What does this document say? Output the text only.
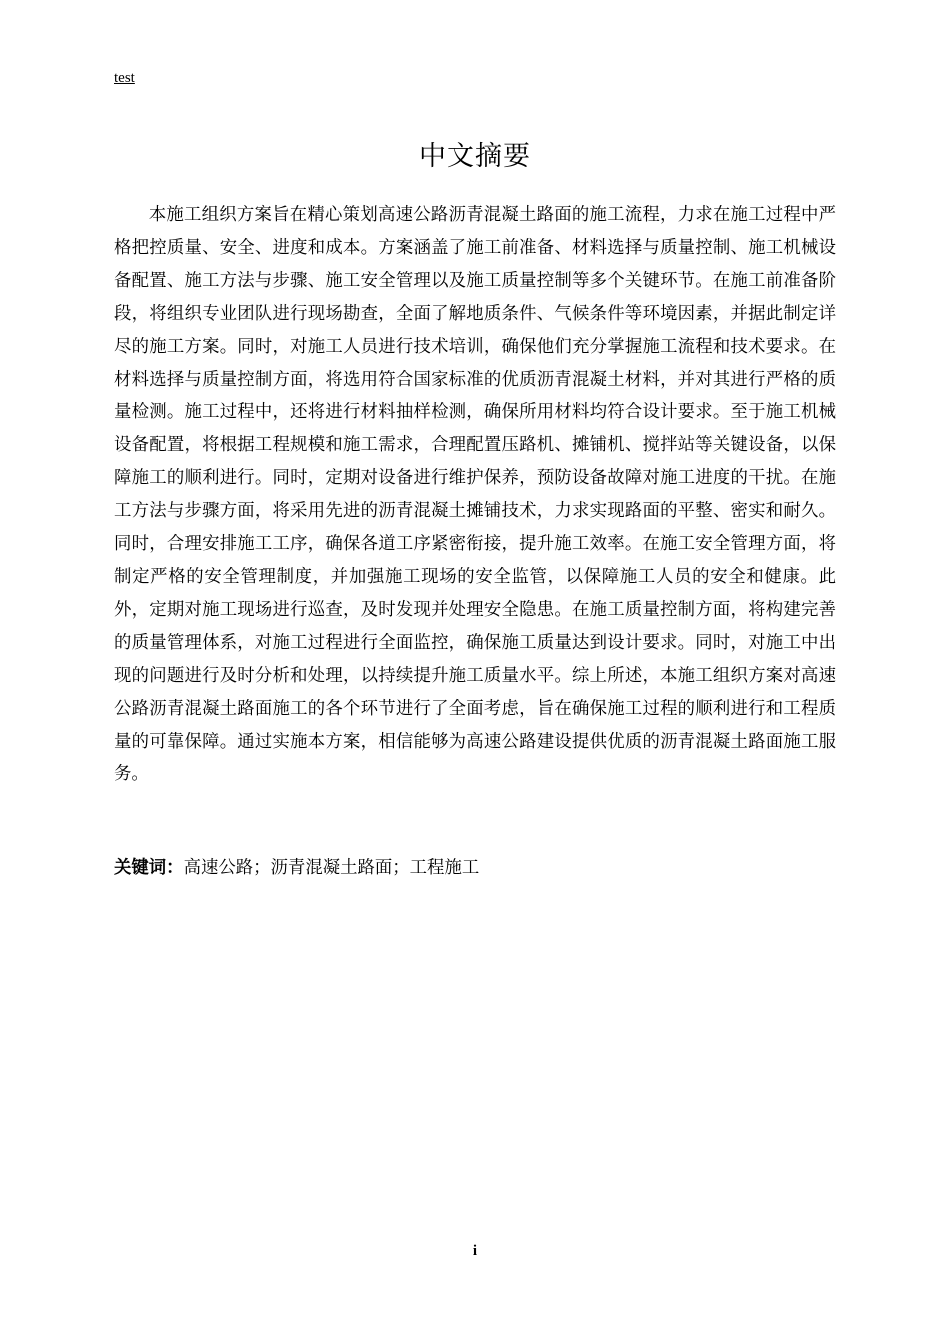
test
中文摘要

本施工组织方案旨在精心策划高速公路沥青混凝土路面的施工流程，力求在施工过程中严格把控质量、安全、进度和成本。方案涵盖了施工前准备、材料选择与质量控制、施工机械设备配置、施工方法与步骤、施工安全管理以及施工质量控制等多个关键环节。在施工前准备阶段，将组织专业团队进行现场勘查，全面了解地质条件、气候条件等环境因素，并据此制定详尽的施工方案。同时，对施工人员进行技术培训，确保他们充分掌握施工流程和技术要求。在材料选择与质量控制方面，将选用符合国家标准的优质沥青混凝土材料，并对其进行严格的质量检测。施工过程中，还将进行材料抽样检测，确保所用材料均符合设计要求。至于施工机械设备配置，将根据工程规模和施工需求，合理配置压路机、摊铺机、搅拌站等关键设备，以保障施工的顺利进行。同时，定期对设备进行维护保养，预防设备故障对施工进度的干扰。在施工方法与步骤方面，将采用先进的沥青混凝土摊铺技术，力求实现路面的平整、密实和耐久。同时，合理安排施工工序，确保各道工序紧密衔接，提升施工效率。在施工安全管理方面，将制定严格的安全管理制度，并加强施工现场的安全监管，以保障施工人员的安全和健康。此外，定期对施工现场进行巡查，及时发现并处理安全隐患。在施工质量控制方面，将构建完善的质量管理体系，对施工过程进行全面监控，确保施工质量达到设计要求。同时，对施工中出现的问题进行及时分析和处理，以持续提升施工质量水平。综上所述，本施工组织方案对高速公路沥青混凝土路面施工的各个环节进行了全面考虑，旨在确保施工过程的顺利进行和工程质量的可靠保障。通过实施本方案，相信能够为高速公路建设提供优质的沥青混凝土路面施工服务。

关键词：高速公路；沥青混凝土路面；工程施工

i
